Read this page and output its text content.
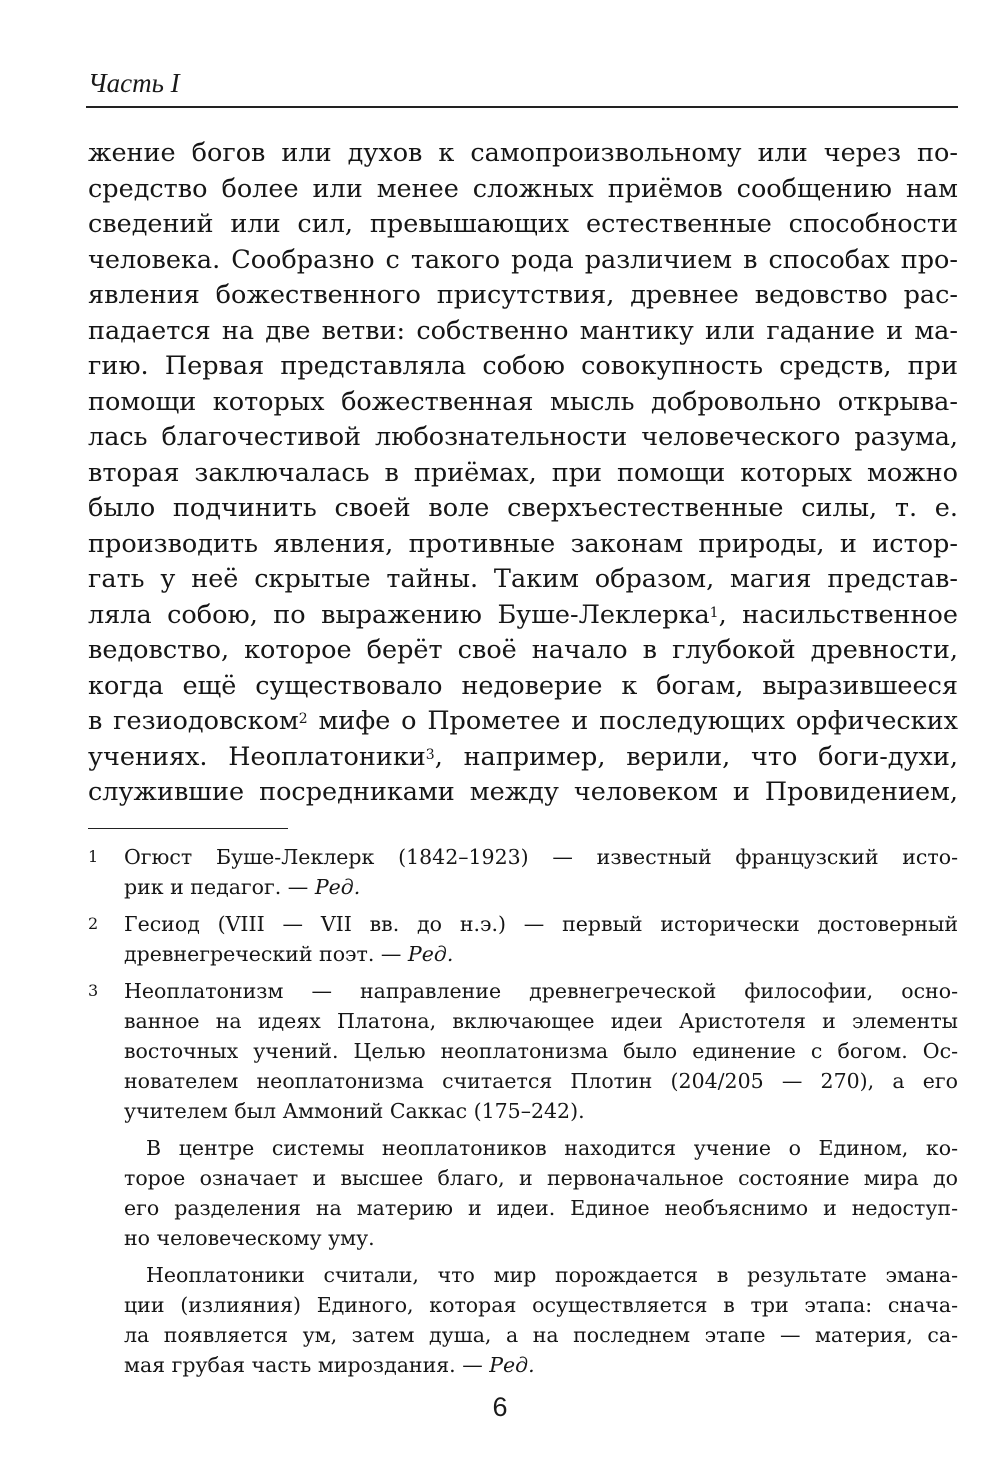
Часть I
жение богов или духов к самопроизвольному или через по-
средство более или менее сложных приёмов сообщению нам
сведений или сил, превышающих естественные способности
человека. Сообразно с такого рода различием в способах про-
явления божественного присутствия, древнее ведовство рас-
падается на две ветви: собственно мантику или гадание и ма-
гию. Первая представляла собою совокупность средств, при
помощи которых божественная мысль добровольно открыва-
лась благочестивой любознательности человеческого разума,
вторая заключалась в приёмах, при помощи которых можно
было подчинить своей воле сверхъестественные силы, т. е.
производить явления, противные законам природы, и истор-
гать у неё скрытые тайны. Таким образом, магия представ-
ляла собою, по выражению Буше-Леклерка$^1$, насильственное
ведовство, которое берёт своё начало в глубокой древности,
когда ещё существовало недоверие к богам, выразившееся
в гезиодовском$^2$ мифе о Прометее и последующих орфических
учениях. Неоплатоники$^3$, например, верили, что боги-духи,
служившие посредниками между человеком и Провидением,
1	Огюст Буше-Леклерк (1842–1923) — известный французский исто-
рик и педагог. — Ред.
2	Гесиод (VIII — VII вв. до н.э.) — первый исторически достоверный
древнегреческий поэт. — Ред.
3	Неоплатонизм — направление древнегреческой философии, осно-
ванное на идеях Платона, включающее идеи Аристотеля и элементы
восточных учений. Целью неоплатонизма было единение с богом. Ос-
нователем неоплатонизма считается Плотин (204/205 — 270), а его
учителем был Аммоний Саккас (175–242).
В центре системы неоплатоников находится учение о Едином, ко-
торое означает и высшее благо, и первоначальное состояние мира до
его разделения на материю и идеи. Единое необъяснимо и недоступ-
но человеческому уму.
Неоплатоники считали, что мир порождается в результате эмана-
ции (излияния) Единого, которая осуществляется в три этапа: снача-
ла появляется ум, затем душа, а на последнем этапе — материя, са-
мая грубая часть мироздания. — Ред.
6
